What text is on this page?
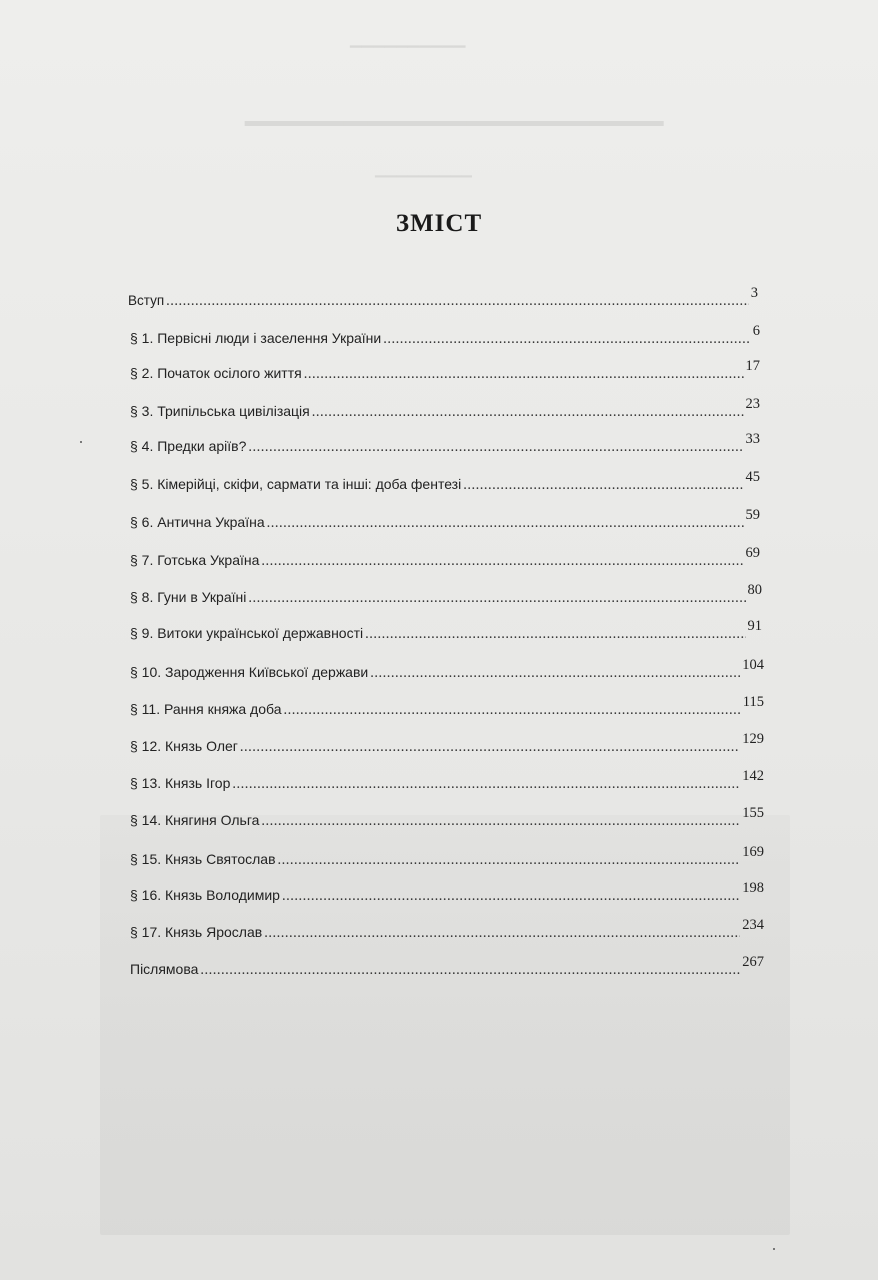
▁▁▁▁▁▁▁▁▁▁
▁▁▁▁▁▁▁▁▁▁▁▁▁▁▁▁▁
▁▁▁▁▁▁▁▁▁
ЗМІСТ
Вступ .....	3
§ 1. Первісні люди і заселення України .....	6
§ 2. Початок осілого життя .....	17
§ 3. Трипільська цивілізація .....	23
§ 4. Предки аріїв? .....	33
§ 5. Кімерійці, скіфи, сармати та інші: доба фентезі .....	45
§ 6. Антична Україна .....	59
§ 7. Готська Україна .....	69
§ 8. Гуни в Україні .....	80
§ 9. Витоки української державності .....	91
§ 10. Зародження Київської держави .....	104
§ 11. Рання княжа доба .....	115
§ 12. Князь Олег .....	129
§ 13. Князь Ігор .....	142
§ 14. Княгиня Ольга .....	155
§ 15. Князь Святослав .....	169
§ 16. Князь Володимир .....	198
§ 17. Князь Ярослав .....	234
Післямова .....	267
